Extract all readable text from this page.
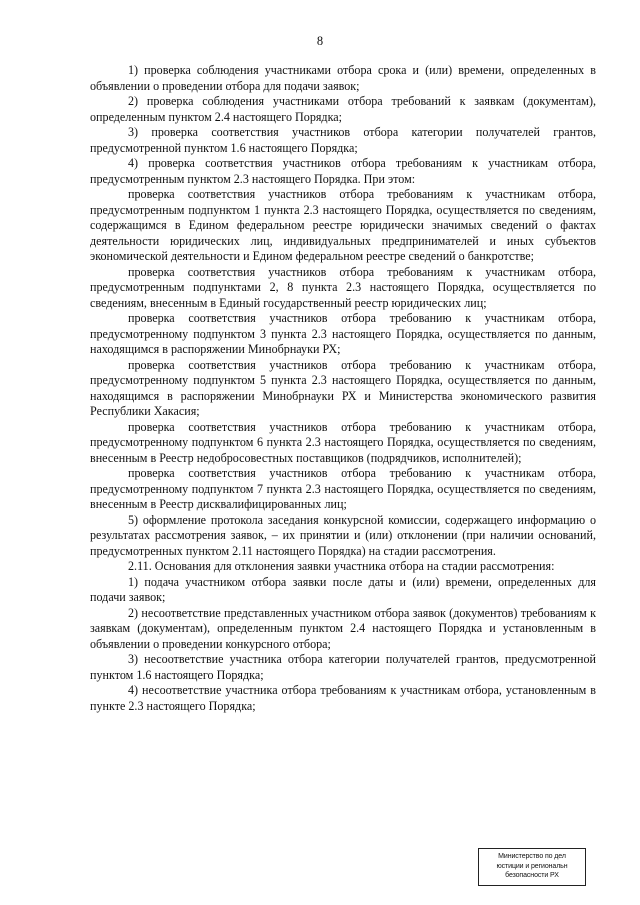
8

1) проверка соблюдения участниками отбора срока и (или) времени, определенных в объявлении о проведении отбора для подачи заявок;

2) проверка соблюдения участниками отбора требований к заявкам (документам), определенным пунктом 2.4 настоящего Порядка;

3) проверка соответствия участников отбора категории получателей грантов, предусмотренной пунктом 1.6 настоящего Порядка;

4) проверка соответствия участников отбора требованиям к участникам отбора, предусмотренным пунктом 2.3 настоящего Порядка. При этом:

проверка соответствия участников отбора требованиям к участникам отбора, предусмотренным подпунктом 1 пункта 2.3 настоящего Порядка, осуществляется по сведениям, содержащимся в Едином федеральном реестре юридически значимых сведений о фактах деятельности юридических лиц, индивидуальных предпринимателей и иных субъектов экономической деятельности и Едином федеральном реестре сведений о банкротстве;

проверка соответствия участников отбора требованиям к участникам отбора, предусмотренным подпунктами 2, 8 пункта 2.3 настоящего Порядка, осуществляется по сведениям, внесенным в Единый государственный реестр юридических лиц;

проверка соответствия участников отбора требованию к участникам отбора, предусмотренному подпунктом 3 пункта 2.3 настоящего Порядка, осуществляется по данным, находящимся в распоряжении Минобрнауки РХ;

проверка соответствия участников отбора требованию к участникам отбора, предусмотренному подпунктом 5 пункта 2.3 настоящего Порядка, осуществляется по данным, находящимся в распоряжении Минобрнауки РХ и Министерства экономического развития Республики Хакасия;

проверка соответствия участников отбора требованию к участникам отбора, предусмотренному подпунктом 6 пункта 2.3 настоящего Порядка, осуществляется по сведениям, внесенным в Реестр недобросовестных поставщиков (подрядчиков, исполнителей);

проверка соответствия участников отбора требованию к участникам отбора, предусмотренному подпунктом 7 пункта 2.3 настоящего Порядка, осуществляется по сведениям, внесенным в Реестр дисквалифицированных лиц;

5) оформление протокола заседания конкурсной комиссии, содержащего информацию о результатах рассмотрения заявок, – их принятии и (или) отклонении (при наличии оснований, предусмотренных пунктом 2.11 настоящего Порядка) на стадии рассмотрения.

2.11. Основания для отклонения заявки участника отбора на стадии рассмотрения:

1) подача участником отбора заявки после даты и (или) времени, определенных для подачи заявок;

2) несоответствие представленных участником отбора заявок (документов) требованиям к заявкам (документам), определенным пунктом 2.4 настоящего Порядка и установленным в объявлении о проведении конкурсного отбора;

3) несоответствие участника отбора категории получателей грантов, предусмотренной пунктом 1.6 настоящего Порядка;

4) несоответствие участника отбора требованиям к участникам отбора, установленным в пункте 2.3 настоящего Порядка;

Министерство по дел
юстиции и региональн
безопасности РХ
